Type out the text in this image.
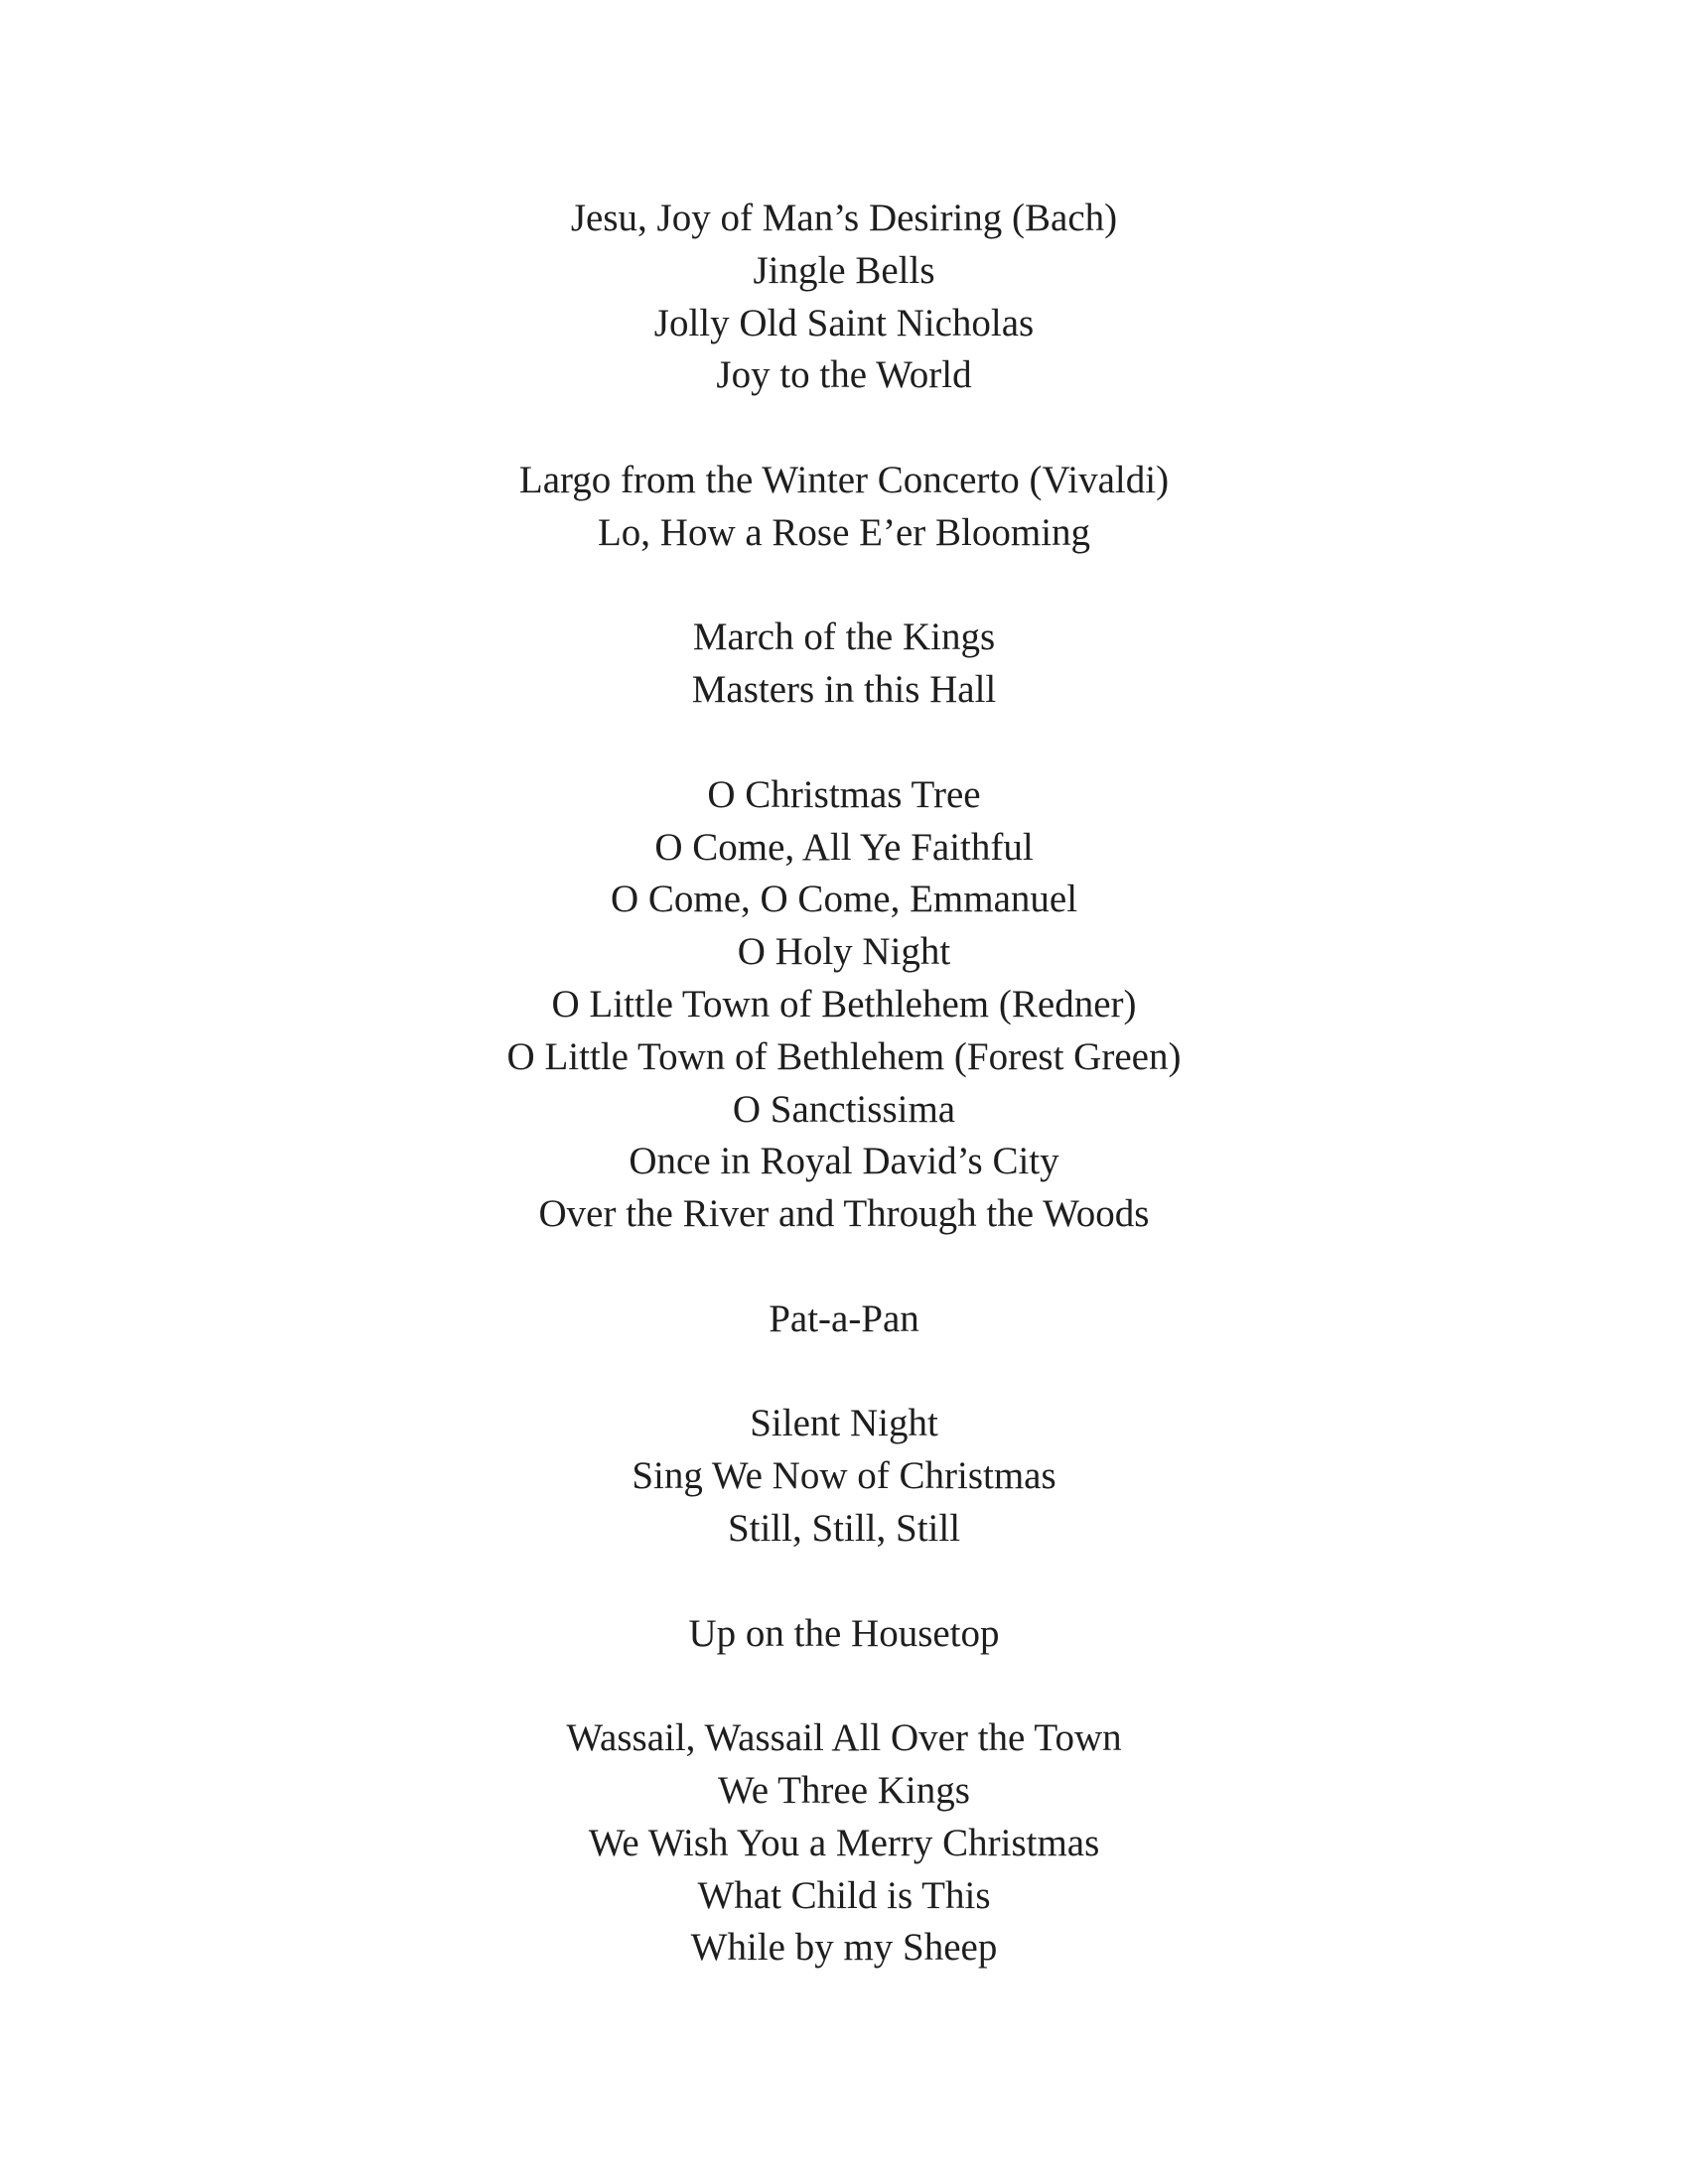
Jesu, Joy of Man’s Desiring (Bach)
Jingle Bells
Jolly Old Saint Nicholas
Joy to the World
Largo from the Winter Concerto (Vivaldi)
Lo, How a Rose E’er Blooming
March of the Kings
Masters in this Hall
O Christmas Tree
O Come, All Ye Faithful
O Come, O Come, Emmanuel
O Holy Night
O Little Town of Bethlehem (Redner)
O Little Town of Bethlehem (Forest Green)
O Sanctissima
Once in Royal David’s City
Over the River and Through the Woods
Pat-a-Pan
Silent Night
Sing We Now of Christmas
Still, Still, Still
Up on the Housetop
Wassail, Wassail All Over the Town
We Three Kings
We Wish You a Merry Christmas
What Child is This
While by my Sheep
